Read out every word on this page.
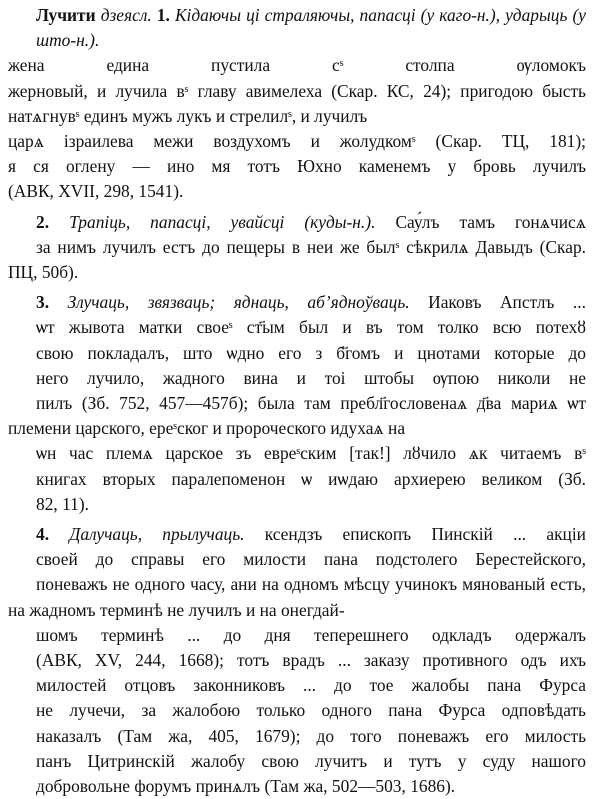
Лучити дзеясл. 1. Кідаючы ці страляючы, папасці (у каго-н.), ударыць (у што-н.).
жена едина пустила сˢ столпа ѹломокъ
жерновый, и лучила вˢ главу авимелеха (Скар. КС, 24); пригодою бысть натѧгнувˢ единъ мужъ лукъ и стрелилˢ, и лучилъ
царѧ ізраилева межи воздухомъ и жолудкомˢ (Скар. ТЦ, 181);
я ся оглену — ино мя тотъ Юхно каменемъ у бровь лучилъ
(АВК, XVII, 298, 1541).
2. Трапіць, папасці, увайсці (куды-н.). Сау́лъ тамъ гонѧчисѧ
за нимъ лучилъ естъ до пещеры в неи же былˢ сѣкрилѧ Давыдъ (Скар. ПЦ, 50б).
3. Злучаць, звязваць; яднаць, аб’яднoўваць. Иаковъ Апстлъ ...
ѡт жывота матки своеˢ ст҃ым был и въ том толко всю потехȣ
свою покладалъ, што ѡдно его з б҃гомъ и цнотами которые до
него лучило, жадного вина и тоі штобы ѹпою николи не
пилъ (Зб. 752, 457—457б); была там пребл҃гословенаѧ д҃ва мариѧ ѡт племени царского, ереˢског и пророческого идухаѧ на
ѡн час племѧ царское зъ евреˢским [так!] лȣчило ѧк читаемъ вˢ
книгах вторых паралепоменон ѡ иѡдаю архиерею великом (Зб.
82, 11).
4. Далучаць, прылучаць. ксендзъ епископъ Пинскій ... акціи
своей до справы его милости пана подстолего Берестейского,
поневажъ не одного часу, ани на одномъ мѣсцу учинокъ мянованый есть, на жадномъ терминѣ не лучилъ и на онегдай-
шомъ терминѣ ... до дня теперешнего одкладъ одержалъ
(АВК, XV, 244, 1668); тотъ врадъ ... заказу противного одъ ихъ
милостей отцовъ законниковъ ... до тое жалобы пана Фурса
не лучечи, за жалобою только одного пана Фурса одповѣдать
наказалъ (Там жа, 405, 1679); до того поневажъ его милость
панъ Цитринскій жалобу свою лучитъ и тутъ у суду нашого
добровольне форумъ принѧлъ (Там жа, 502—503, 1686).
